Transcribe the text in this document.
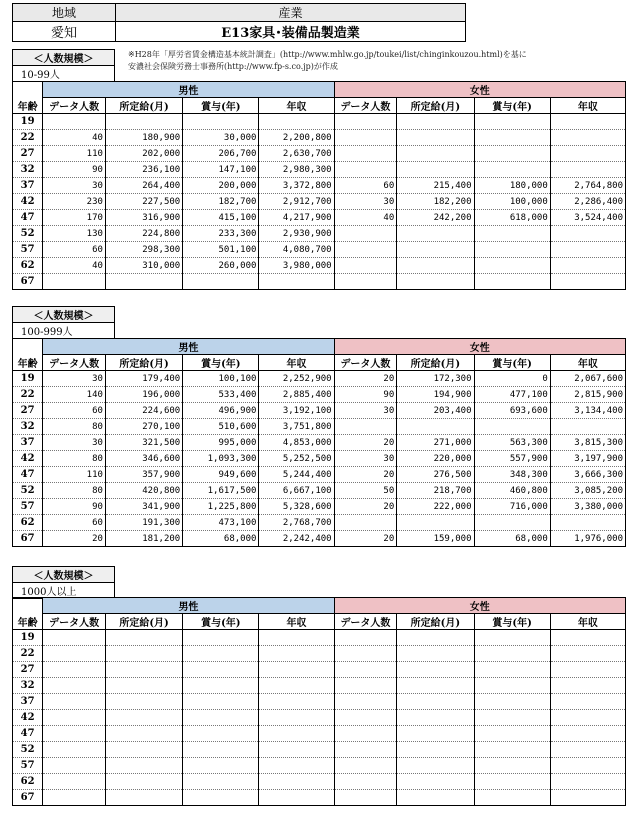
地域	産業
愛知	E13家具･装備品製造業
※H28年「厚労省賃金構造基本統計調査」(http://www.mhlw.go.jp/toukei/list/chinginkouzou.html)を基に
安濃社会保険労務士事務所(http://www.fp-s.co.jp)が作成
＜人数規模＞
10-99人
	男性				女性			
年齢	データ人数	所定給(月)	賞与(年)	年収	データ人数	所定給(月)	賞与(年)	年収
19								
22	40	180,900	30,000	2,200,800				
27	110	202,000	206,700	2,630,700				
32	90	236,100	147,100	2,980,300				
37	30	264,400	200,000	3,372,800	60	215,400	180,000	2,764,800
42	230	227,500	182,700	2,912,700	30	182,200	100,000	2,286,400
47	170	316,900	415,100	4,217,900	40	242,200	618,000	3,524,400
52	130	224,800	233,300	2,930,900				
57	60	298,300	501,100	4,080,700				
62	40	310,000	260,000	3,980,000				
67								
＜人数規模＞
100-999人
	男性				女性			
年齢	データ人数	所定給(月)	賞与(年)	年収	データ人数	所定給(月)	賞与(年)	年収
19	30	179,400	100,100	2,252,900	20	172,300	0	2,067,600
22	140	196,000	533,400	2,885,400	90	194,900	477,100	2,815,900
27	60	224,600	496,900	3,192,100	30	203,400	693,600	3,134,400
32	80	270,100	510,600	3,751,800				
37	30	321,500	995,000	4,853,000	20	271,000	563,300	3,815,300
42	80	346,600	1,093,300	5,252,500	30	220,000	557,900	3,197,900
47	110	357,900	949,600	5,244,400	20	276,500	348,300	3,666,300
52	80	420,800	1,617,500	6,667,100	50	218,700	460,800	3,085,200
57	90	341,900	1,225,800	5,328,600	20	222,000	716,000	3,380,000
62	60	191,300	473,100	2,768,700				
67	20	181,200	68,000	2,242,400	20	159,000	68,000	1,976,000
＜人数規模＞
1000人以上
	男性				女性			
年齢	データ人数	所定給(月)	賞与(年)	年収	データ人数	所定給(月)	賞与(年)	年収
19								
22								
27								
32								
37								
42								
47								
52								
57								
62								
67								
